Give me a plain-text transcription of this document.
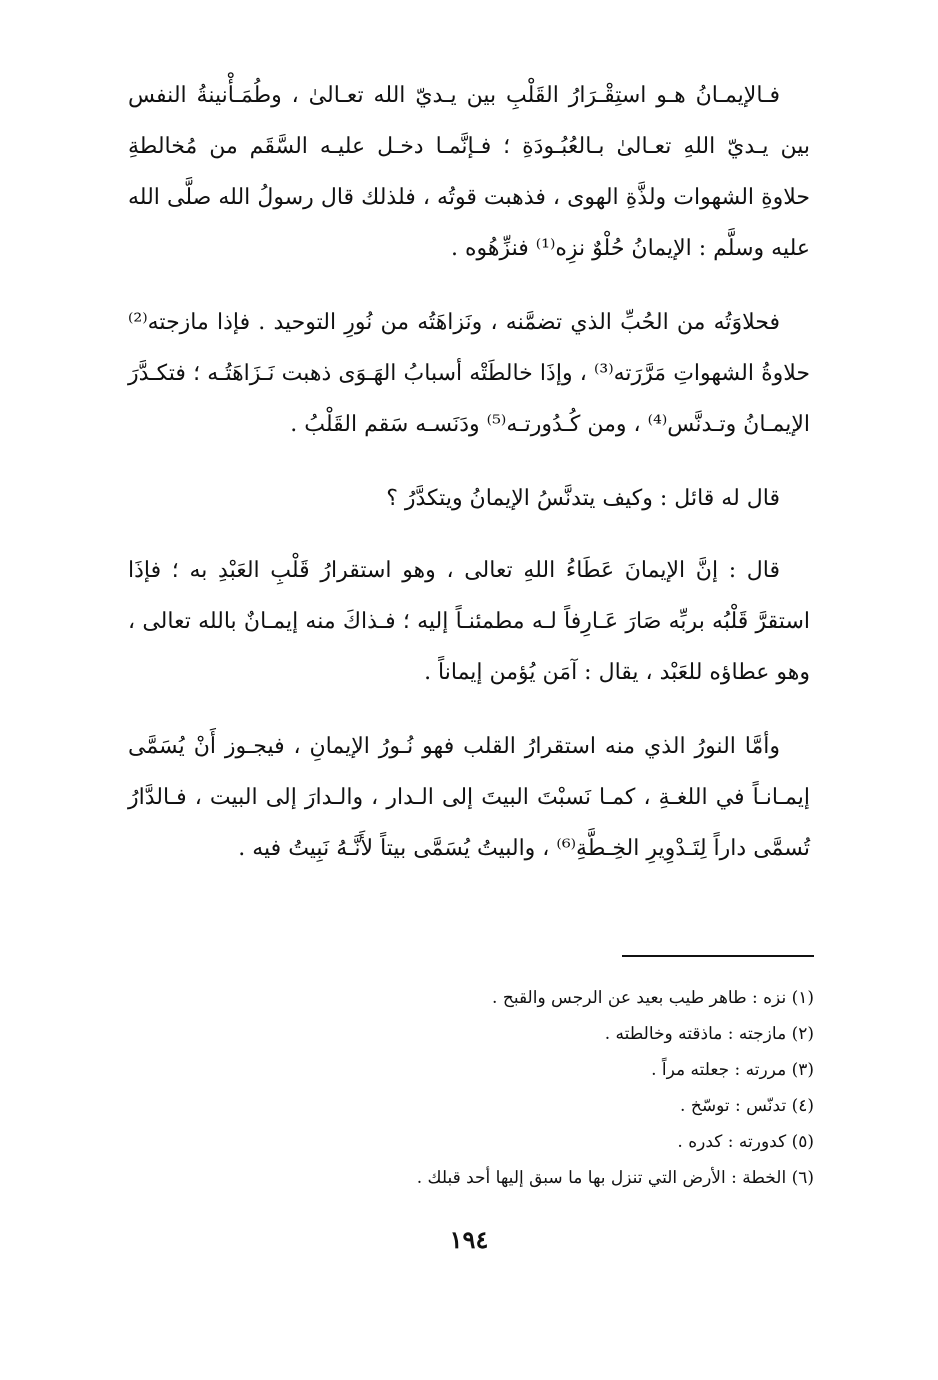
فـالإيمـانُ هـو استِقْـرَارُ القَلْبِ بين يـديّ الله تعـالىٰ ، وطُمَـأْنينةُ النفس بين يـديّ اللهِ تعـالىٰ بـالعُبُـودَةِ ؛ فـإنَّمـا دخـل عليـه السَّقَم من مُخالطةِ حلاوةِ الشهوات ولذَّةِ الهوى ، فذهبت قوتُه ، فلذلك قال رسولُ الله صلَّى الله عليه وسلَّم : الإيمانُ حُلْوٌ نزِه⁽¹⁾ فنزِّهُوه .

فحلاوَتُه من الحُبِّ الذي تضمَّنه ، ونَزاهَتُه من نُورِ التوحيد . فإذا مازجته⁽²⁾ حلاوةُ الشهواتِ مَرَّرَته⁽³⁾ ، وإذَا خالطَتْه أسبابُ الهَـوَى ذهبت نَـزَاهَتُـه ؛ فتكـدَّرَ الإيمـانُ وتـدنَّس⁽⁴⁾ ، ومن كُـدُورتـه⁽⁵⁾ ودَنَسـه سَقم القَلْبُ .

قال له قائل : وكيف يتدنَّسُ الإيمانُ ويتكدَّرُ ؟

قال : إنَّ الإيمانَ عَطَاءُ اللهِ تعالى ، وهو استقرارُ قَلْبِ العَبْدِ به ؛ فإذَا استقرَّ قَلْبُه بربِّه صَارَ عَـارِفاً لـه مطمئنـاً إليه ؛ فـذاكَ منه إيمـانٌ بالله تعالى ، وهو عطاؤه للعَبْد ، يقال : آمَن يُؤمن إيماناً .

وأمَّا النورُ الذي منه استقرارُ القلب فهو نُـورُ الإيمانِ ، فيجـوز أَنْ يُسَمَّى إيمـانـاً في اللغـةِ ، كمـا نَسبْتَ البيتَ إلى الـدار ، والـدارَ إلى البيت ، فـالدَّارُ تُسمَّى داراً لِتَـدْوِيرِ الخِـطَّةِ⁽⁶⁾ ، والبيتُ يُسَمَّى بيتاً لأَنَّـهُ نَبِيتُ فيه .

(١) نزه : طاهر طيب بعيد عن الرجس والقبح .

(٢) مازجته : ماذقته وخالطته .

(٣) مررته : جعلته مراً .

(٤) تدنّس : توسّخ .

(٥) كدورته : كدره .

(٦) الخطة : الأرض التي تنزل بها ما سبق إليها أحد قبلك .

١٩٤
